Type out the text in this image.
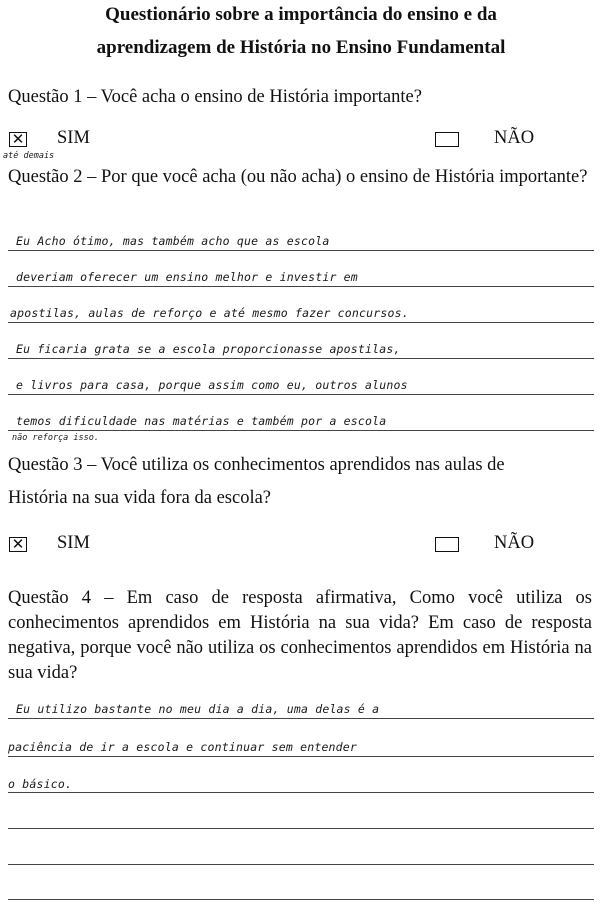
Questionário sobre a importância do ensino e da
aprendizagem de História no Ensino Fundamental
Questão 1 – Você acha o ensino de História importante?
✕ SIM	NÃO
até demais
Questão 2 – Por que você acha (ou não acha) o ensino de História importante?
Eu Acho ótimo, mas também acho que as escola
deveriam oferecer um ensino melhor e investir em
apostilas, aulas de reforço e até mesmo fazer concursos.
Eu ficaria grata se a escola proporcionasse apostilas,
e livros para casa, porque assim como eu, outros alunos
temos dificuldade nas matérias e também por a escola
não reforça isso.
Questão 3 – Você utiliza os conhecimentos aprendidos nas aulas de
História na sua vida fora da escola?
✕ SIM	NÃO
Questão 4 – Em caso de resposta afirmativa, Como você utiliza os conhecimentos aprendidos em História na sua vida? Em caso de resposta negativa, porque você não utiliza os conhecimentos aprendidos em História na sua vida?
Eu utilizo bastante no meu dia a dia, uma delas é a
paciência de ir a escola e continuar sem entender
o básico.
